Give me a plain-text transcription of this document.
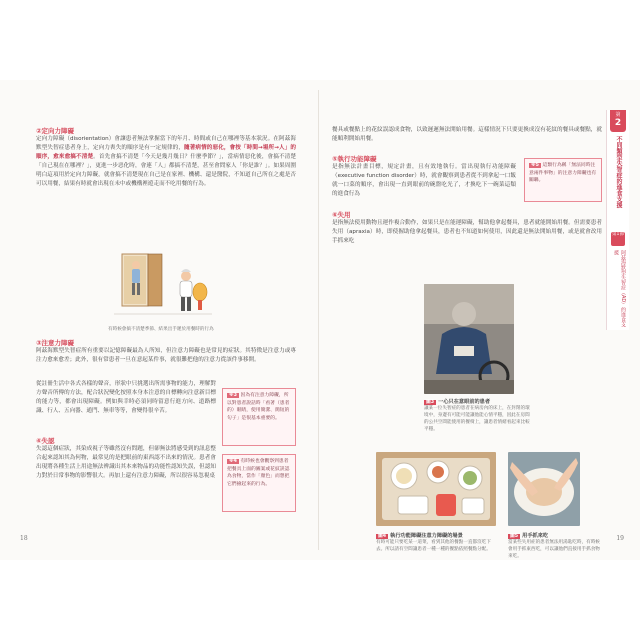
②定向力障礙

定向力障礙（disorientation）會讓患者無法掌握當下的年月、時間或自己在哪裡等基本狀況。在阿茲海默型失智症患者身上，定向力喪失的順序是有一定規律的，隨著病情的惡化，會按「時間→場所→人」的順序，愈來愈搞不清楚。首先會搞不清楚「今天是幾月幾日？什麼季節？」，當病情惡化後，會搞不清楚「自己現在在哪裡？」，更進一步惡化時，會連「人」都搞不清楚，甚至會問家人「你是誰？」。如果周圍明白這項用於定向力障礙，就會搞不清楚現在自己是在家裡、機構、還是醫院，不知道自己所在之處是否可以用餐，結果有時就會出現在未中或機構裡遊走而不吃用餐的行為。

有時候會搞不清楚季節、結果出手遲於用餐時的行為

③注意力障礙

阿茲海默型失智症所有重要以記憶障礙最為人所知，但注意力障礙也是常見的症狀。其特徵是注意力或專注力愈來愈差；此外，很有常患者一旦在意起某件事，就很難把他的注意力從該件事移開。

從註冊生活中各式各樣的聲音，形狀中只挑選出所需事物的能力，理解對方聲音所傳的方法，配合狀況變化按照本身本注意的自標轉向注意新目標的能力等，都會出現障礙。例如與幸時必須同時留意行進方向、道路標識、行人、五向器、通門、無車等等，會變得很辛苦。

④失認

失認這個症狀，其染成視子等雖然沒有問題，但卻無法將感受到的訊息整合起來認知其為何物，最常見的是把眼前的東西認不出來的情況。患者會出現將各種生活上用途無法辨識出其本來物品的功能性認知失誤，但認知力對於日常事物的影響很大。再加上還有注意力障礙，所以很容易忽視桌

※3 因為有注意力障礙，所以對患者說話時「看著（患者的）眼睛，使用簡潔、簡短的句子」是很基本重要的。
※4 有時候也會觀察到患者把餐具上面的圖案或花紋誤認為食物，當作「顏色」而想把它們撿起來的行為。
18

餐具或餐點上的花紋誤認成食物，以致遲遲無法開始用餐。這樣情況下只要更換成沒有花紋的餐具或餐點，就能順利開始用餐。

⑤執行功能障礙

是指無法計畫目標，規定計畫，且有效地執行。當出現執行功能障礙（executive function disorder）時，就會觀察到患者從不到拿起一口飯就一口菜的順序，會出現一直到眼前的碗盤吃光了，才換吃下一碗菜這類的進食行為

※5 這類行為稱「無法同時注意兩件事物」的注意力障礙也有關聯。

⑥失用

是指無法使用動物且運作複合動作，如果只是在能運障礙，幫助他拿起餐具，患者就能開始用餐。但需要患者失用（apraxia）時，即使握助他拿起餐具，患者也不知道如何使用，因此還是無法開始用餐，或是就會改用手抓來吃

圖3 一心只在意眼前的患者
讓某一位失智症的患者在病房內的床上，在封閉的環境中，身邊有可能可能讓他能心情平穩，因此在房間的公共空間能使用的餐椅上，讓患者情緒看起來比較平穩。
圖4 執行功能障礙注意力障礙的場景
有時可能只要吃某一道菜，看到其他的餐點一直都沒吃下去。所以請有空間讓患者一種一種的餐點依照餐點分配。
圖5 用手抓來吃
當某些失用症的患者無法用湯匙吃時，有時候會用手抓東西吃，可以讓他們直接用手抓食物來吃。
19
第
2
不同類型失智症的進食支援
第1節
阿茲海默型失智症（AD）的進食支援
